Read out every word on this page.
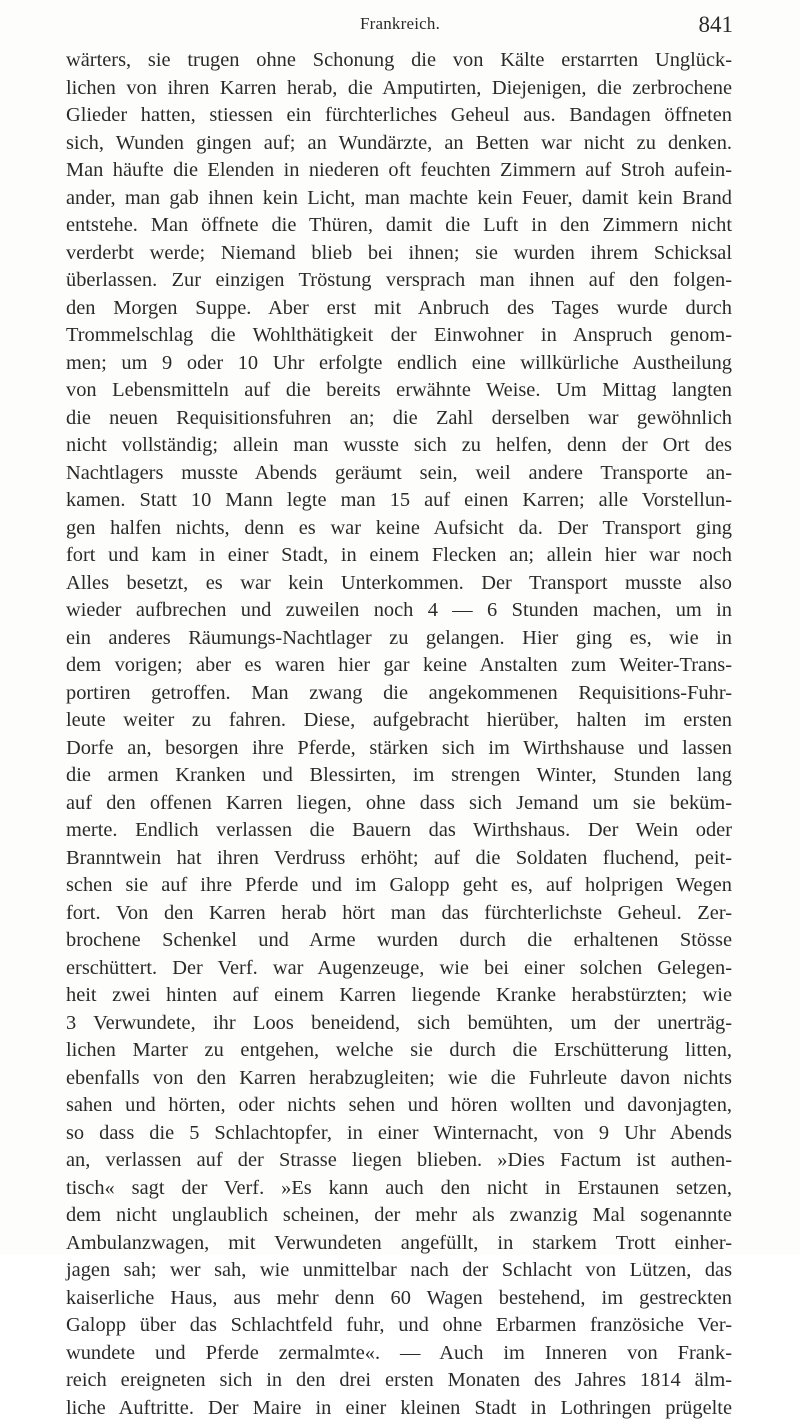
Frankreich.	841
wärters, sie trugen ohne Schonung die von Kälte erstarrten Unglück-
lichen von ihren Karren herab, die Amputirten, Diejenigen, die zerbrochene
Glieder hatten, stiessen ein fürchterliches Geheul aus. Bandagen öffneten
sich, Wunden gingen auf; an Wundärzte, an Betten war nicht zu denken.
Man häufte die Elenden in niederen oft feuchten Zimmern auf Stroh aufein-
ander, man gab ihnen kein Licht, man machte kein Feuer, damit kein Brand
entstehe. Man öffnete die Thüren, damit die Luft in den Zimmern nicht
verderbt werde; Niemand blieb bei ihnen; sie wurden ihrem Schicksal
überlassen. Zur einzigen Tröstung versprach man ihnen auf den folgen-
den Morgen Suppe. Aber erst mit Anbruch des Tages wurde durch
Trommelschlag die Wohlthätigkeit der Einwohner in Anspruch genom-
men; um 9 oder 10 Uhr erfolgte endlich eine willkürliche Austheilung
von Lebensmitteln auf die bereits erwähnte Weise. Um Mittag langten
die neuen Requisitionsfuhren an; die Zahl derselben war gewöhnlich
nicht vollständig; allein man wusste sich zu helfen, denn der Ort des
Nachtlagers musste Abends geräumt sein, weil andere Transporte an-
kamen. Statt 10 Mann legte man 15 auf einen Karren; alle Vorstellun-
gen halfen nichts, denn es war keine Aufsicht da. Der Transport ging
fort und kam in einer Stadt, in einem Flecken an; allein hier war noch
Alles besetzt, es war kein Unterkommen. Der Transport musste also
wieder aufbrechen und zuweilen noch 4 — 6 Stunden machen, um in
ein anderes Räumungs-Nachtlager zu gelangen. Hier ging es, wie in
dem vorigen; aber es waren hier gar keine Anstalten zum Weiter-Trans-
portiren getroffen. Man zwang die angekommenen Requisitions-Fuhr-
leute weiter zu fahren. Diese, aufgebracht hierüber, halten im ersten
Dorfe an, besorgen ihre Pferde, stärken sich im Wirthshause und lassen
die armen Kranken und Blessirten, im strengen Winter, Stunden lang
auf den offenen Karren liegen, ohne dass sich Jemand um sie beküm-
merte. Endlich verlassen die Bauern das Wirthshaus. Der Wein oder
Branntwein hat ihren Verdruss erhöht; auf die Soldaten fluchend, peit-
schen sie auf ihre Pferde und im Galopp geht es, auf holprigen Wegen
fort. Von den Karren herab hört man das fürchterlichste Geheul. Zer-
brochene Schenkel und Arme wurden durch die erhaltenen Stösse
erschüttert. Der Verf. war Augenzeuge, wie bei einer solchen Gelegen-
heit zwei hinten auf einem Karren liegende Kranke herabstürzten; wie
3 Verwundete, ihr Loos beneidend, sich bemühten, um der unerträg-
lichen Marter zu entgehen, welche sie durch die Erschütterung litten,
ebenfalls von den Karren herabzugleiten; wie die Fuhrleute davon nichts
sahen und hörten, oder nichts sehen und hören wollten und davonjagten,
so dass die 5 Schlachtopfer, in einer Winternacht, von 9 Uhr Abends
an, verlassen auf der Strasse liegen blieben. »Dies Factum ist authen-
tisch« sagt der Verf. »Es kann auch den nicht in Erstaunen setzen,
dem nicht unglaublich scheinen, der mehr als zwanzig Mal sogenannte
Ambulanzwagen, mit Verwundeten angefüllt, in starkem Trott einher-
jagen sah; wer sah, wie unmittelbar nach der Schlacht von Lützen, das
kaiserliche Haus, aus mehr denn 60 Wagen bestehend, im gestreckten
Galopp über das Schlachtfeld fuhr, und ohne Erbarmen französiche Ver-
wundete und Pferde zermalmte«. — Auch im Inneren von Frank-
reich ereigneten sich in den drei ersten Monaten des Jahres 1814 älm-
liche Auftritte. Der Maire in einer kleinen Stadt in Lothringen prügelte
